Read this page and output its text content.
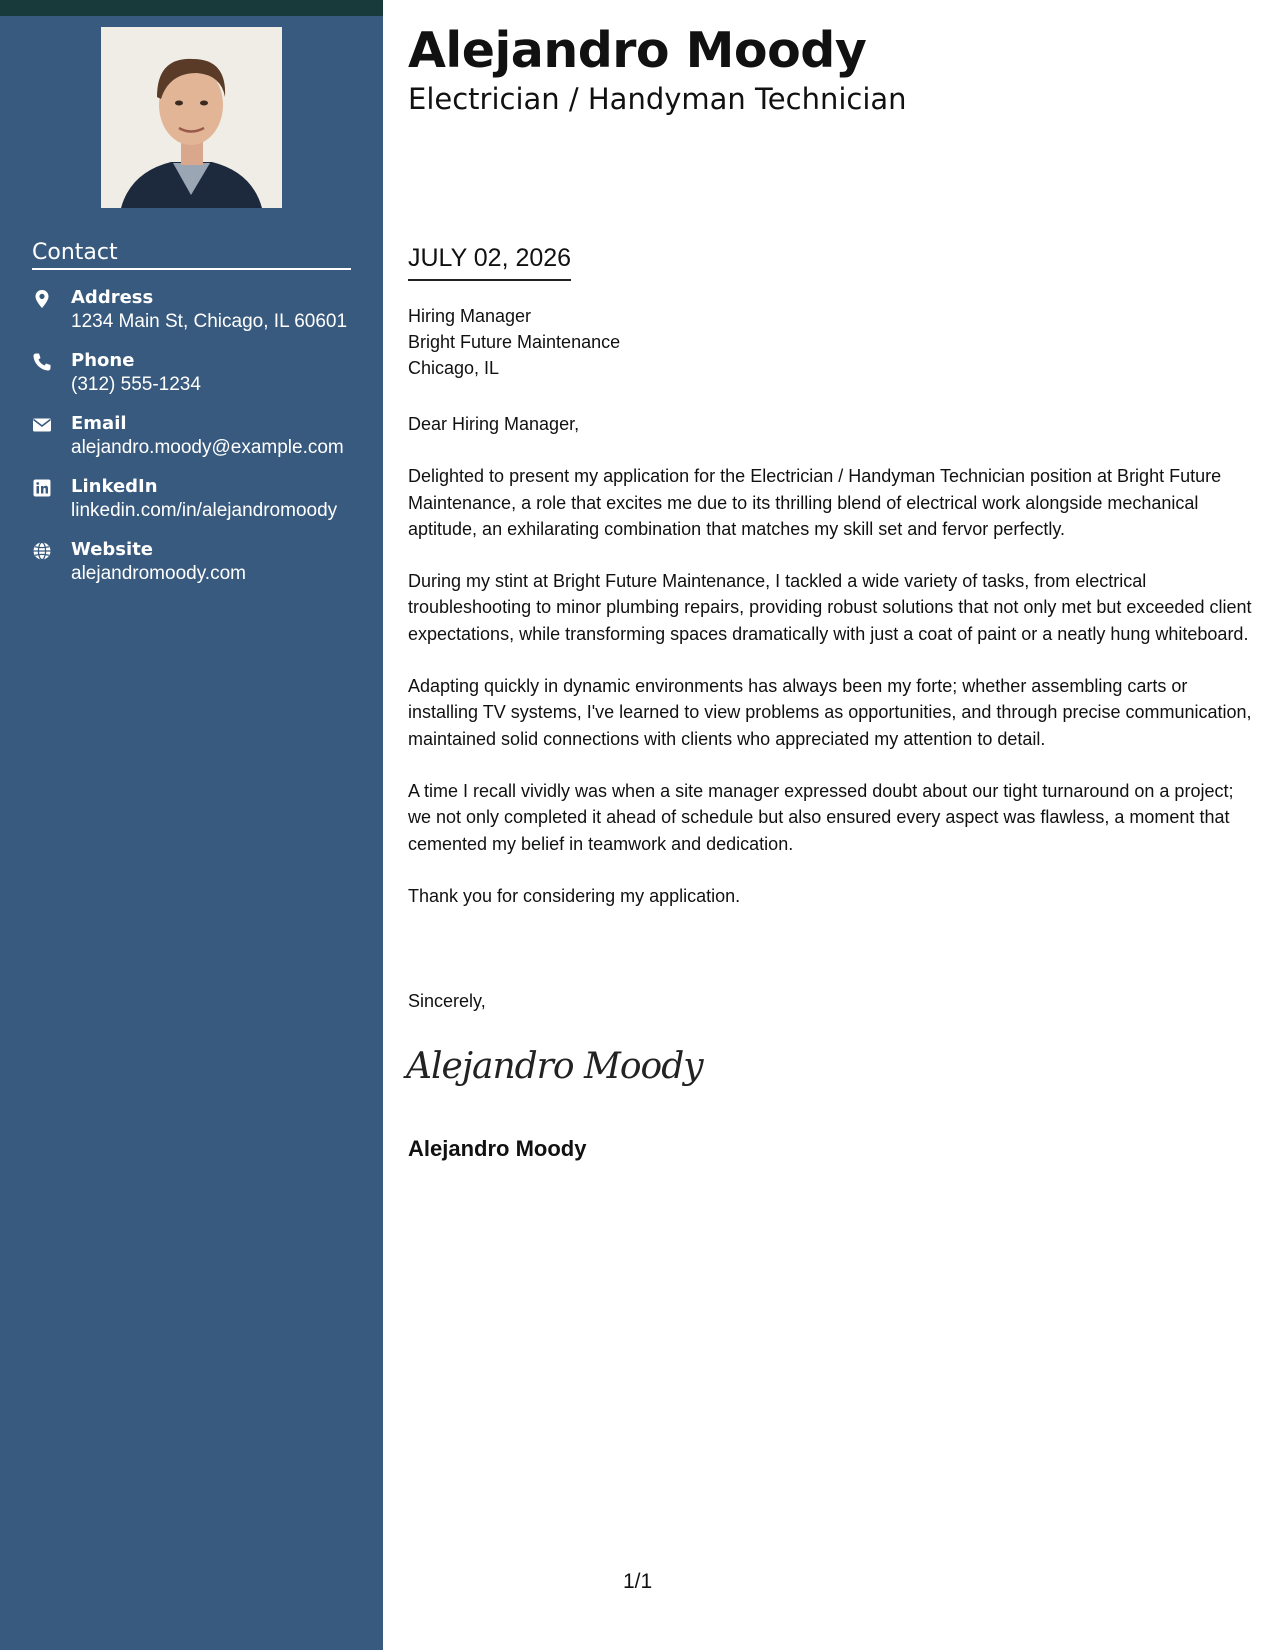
Contact
Address
1234 Main St, Chicago, IL 60601
Phone
(312) 555-1234
Email
alejandro.moody@example.com
LinkedIn
linkedin.com/in/alejandromoody
Website
alejandromoody.com
Alejandro Moody
Electrician / Handyman Technician
JULY 02, 2026
Hiring Manager
Bright Future Maintenance
Chicago, IL

Dear Hiring Manager,

Delighted to present my application for the Electrician / Handyman Technician position at Bright Future Maintenance, a role that excites me due to its thrilling blend of electrical work alongside mechanical aptitude, an exhilarating combination that matches my skill set and fervor perfectly.

During my stint at Bright Future Maintenance, I tackled a wide variety of tasks, from electrical troubleshooting to minor plumbing repairs, providing robust solutions that not only met but exceeded client expectations, while transforming spaces dramatically with just a coat of paint or a neatly hung whiteboard.

Adapting quickly in dynamic environments has always been my forte; whether assembling carts or installing TV systems, I've learned to view problems as opportunities, and through precise communication, maintained solid connections with clients who appreciated my attention to detail.

A time I recall vividly was when a site manager expressed doubt about our tight turnaround on a project; we not only completed it ahead of schedule but also ensured every aspect was flawless, a moment that cemented my belief in teamwork and dedication.

Thank you for considering my application.

Sincerely,
Alejandro Moody
Alejandro Moody
1/1
